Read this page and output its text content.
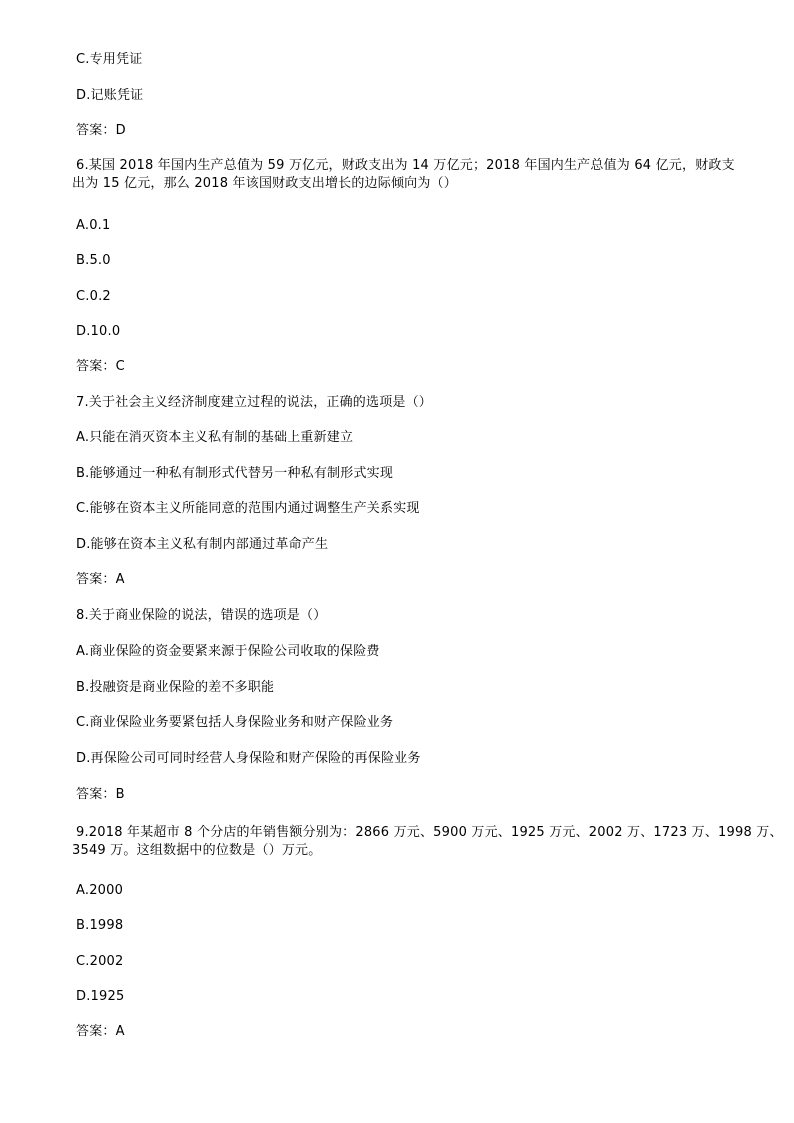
C.专用凭证
D.记账凭证
答案：D
6.某国 2018 年国内生产总值为 59 万亿元，财政支出为 14 万亿元；2018 年国内生产总值为 64 亿元，财政支
出为 15 亿元，那么 2018 年该国财政支出增长的边际倾向为（）
A.0.1
B.5.0
C.0.2
D.10.0
答案：C
7.关于社会主义经济制度建立过程的说法，正确的选项是（）
A.只能在消灭资本主义私有制的基础上重新建立
B.能够通过一种私有制形式代替另一种私有制形式实现
C.能够在资本主义所能同意的范围内通过调整生产关系实现
D.能够在资本主义私有制内部通过革命产生
答案：A
8.关于商业保险的说法，错误的选项是（）
A.商业保险的资金要紧来源于保险公司收取的保险费
B.投融资是商业保险的差不多职能
C.商业保险业务要紧包括人身保险业务和财产保险业务
D.再保险公司可同时经营人身保险和财产保险的再保险业务
答案：B
9.2018 年某超市 8 个分店的年销售额分别为：2866 万元、5900 万元、1925 万元、2002 万、1723 万、1998 万、
3549 万。这组数据中的位数是（）万元。
A.2000
B.1998
C.2002
D.1925
答案：A
